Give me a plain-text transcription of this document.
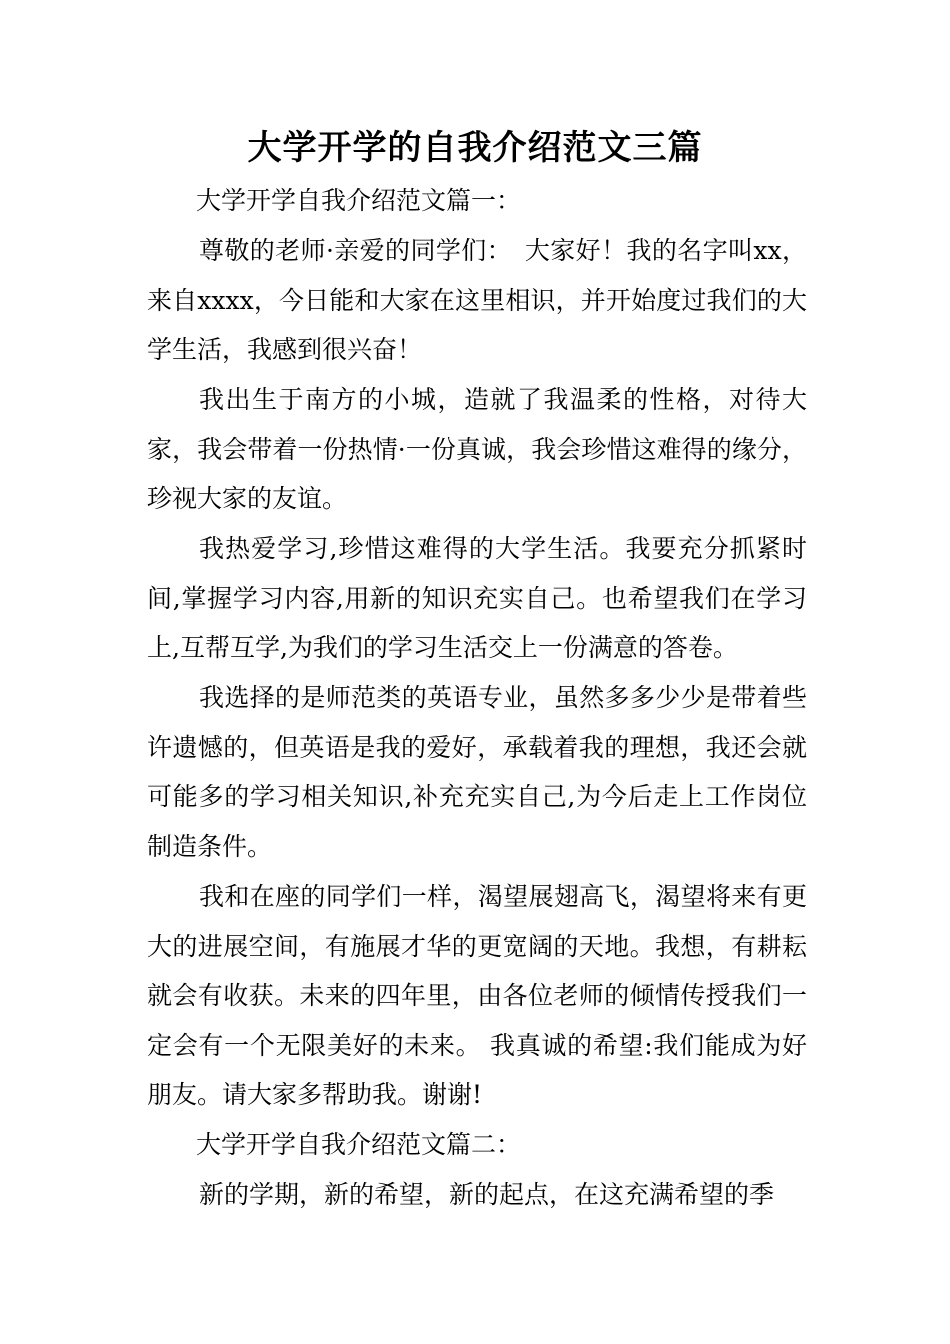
大学开学的自我介绍范文三篇

大学开学自我介绍范文篇一：

尊敬的老师·亲爱的同学们：　大家好！我的名字叫xx，来自xxxx，今日能和大家在这里相识，并开始度过我们的大学生活，我感到很兴奋！

我出生于南方的小城，造就了我温柔的性格，对待大家，我会带着一份热情·一份真诚，我会珍惜这难得的缘分，珍视大家的友谊。

我热爱学习,珍惜这难得的大学生活。我要充分抓紧时间,掌握学习内容,用新的知识充实自己。也希望我们在学习上,互帮互学,为我们的学习生活交上一份满意的答卷。

我选择的是师范类的英语专业，虽然多多少少是带着些许遗憾的，但英语是我的爱好，承载着我的理想，我还会就可能多的学习相关知识,补充充实自己,为今后走上工作岗位制造条件。

我和在座的同学们一样，渴望展翅高飞，渴望将来有更大的进展空间，有施展才华的更宽阔的天地。我想，有耕耘就会有收获。未来的四年里，由各位老师的倾情传授我们一定会有一个无限美好的未来。 我真诚的希望:我们能成为好朋友。请大家多帮助我。谢谢!

大学开学自我介绍范文篇二：

新的学期，新的希望，新的起点，在这充满希望的季
